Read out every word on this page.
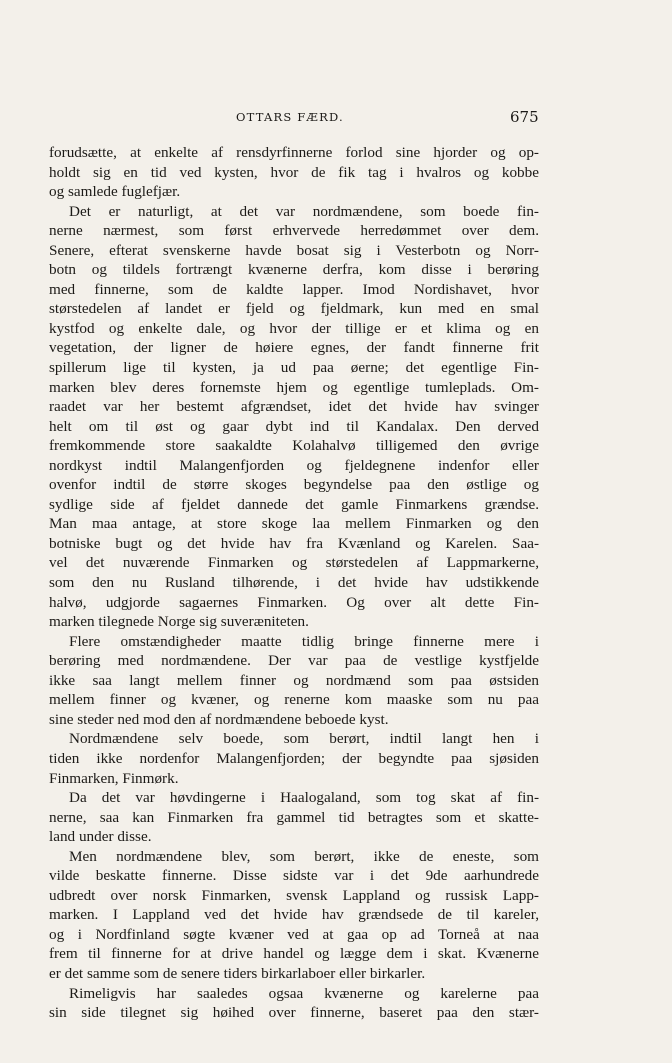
OTTARS FÆRD.	675
forudsætte, at enkelte af rensdyrfinnerne forlod sine hjorder og op-
holdt sig en tid ved kysten, hvor de fik tag i hvalros og kobbe
og samlede fuglefjær.
Det er naturligt, at det var nordmændene, som boede fin-
nerne nærmest, som først erhvervede herredømmet over dem.
Senere, efterat svenskerne havde bosat sig i Vesterbotn og Norr-
botn og tildels fortrængt kvænerne derfra, kom disse i berøring
med finnerne, som de kaldte lapper. Imod Nordishavet, hvor
størstedelen af landet er fjeld og fjeldmark, kun med en smal
kystfod og enkelte dale, og hvor der tillige er et klima og en
vegetation, der ligner de høiere egnes, der fandt finnerne frit
spillerum lige til kysten, ja ud paa øerne; det egentlige Fin-
marken blev deres fornemste hjem og egentlige tumleplads. Om-
raadet var her bestemt afgrændset, idet det hvide hav svinger
helt om til øst og gaar dybt ind til Kandalax. Den derved
fremkommende store saakaldte Kolahalvø tilligemed den øvrige
nordkyst indtil Malangenfjorden og fjeldegnene indenfor eller
ovenfor indtil de større skoges begyndelse paa den østlige og
sydlige side af fjeldet dannede det gamle Finmarkens grændse.
Man maa antage, at store skoge laa mellem Finmarken og den
botniske bugt og det hvide hav fra Kvænland og Karelen. Saa-
vel det nuværende Finmarken og størstedelen af Lappmarkerne,
som den nu Rusland tilhørende, i det hvide hav udstikkende
halvø, udgjorde sagaernes Finmarken. Og over alt dette Fin-
marken tilegnede Norge sig suveræniteten.
Flere omstændigheder maatte tidlig bringe finnerne mere i
berøring med nordmændene. Der var paa de vestlige kystfjelde
ikke saa langt mellem finner og nordmænd som paa østsiden
mellem finner og kvæner, og renerne kom maaske som nu paa
sine steder ned mod den af nordmændene beboede kyst.
Nordmændene selv boede, som berørt, indtil langt hen i
tiden ikke nordenfor Malangenfjorden; der begyndte paa sjøsiden
Finmarken, Finmørk.
Da det var høvdingerne i Haalogaland, som tog skat af fin-
nerne, saa kan Finmarken fra gammel tid betragtes som et skatte-
land under disse.
Men nordmændene blev, som berørt, ikke de eneste, som
vilde beskatte finnerne. Disse sidste var i det 9de aarhundrede
udbredt over norsk Finmarken, svensk Lappland og russisk Lapp-
marken. I Lappland ved det hvide hav grændsede de til kareler,
og i Nordfinland søgte kvæner ved at gaa op ad Torneå at naa
frem til finnerne for at drive handel og lægge dem i skat. Kvænerne
er det samme som de senere tiders birkarlaboer eller birkarler.
Rimeligvis har saaledes ogsaa kvænerne og karelerne paa
sin side tilegnet sig høihed over finnerne, baseret paa den stær-
